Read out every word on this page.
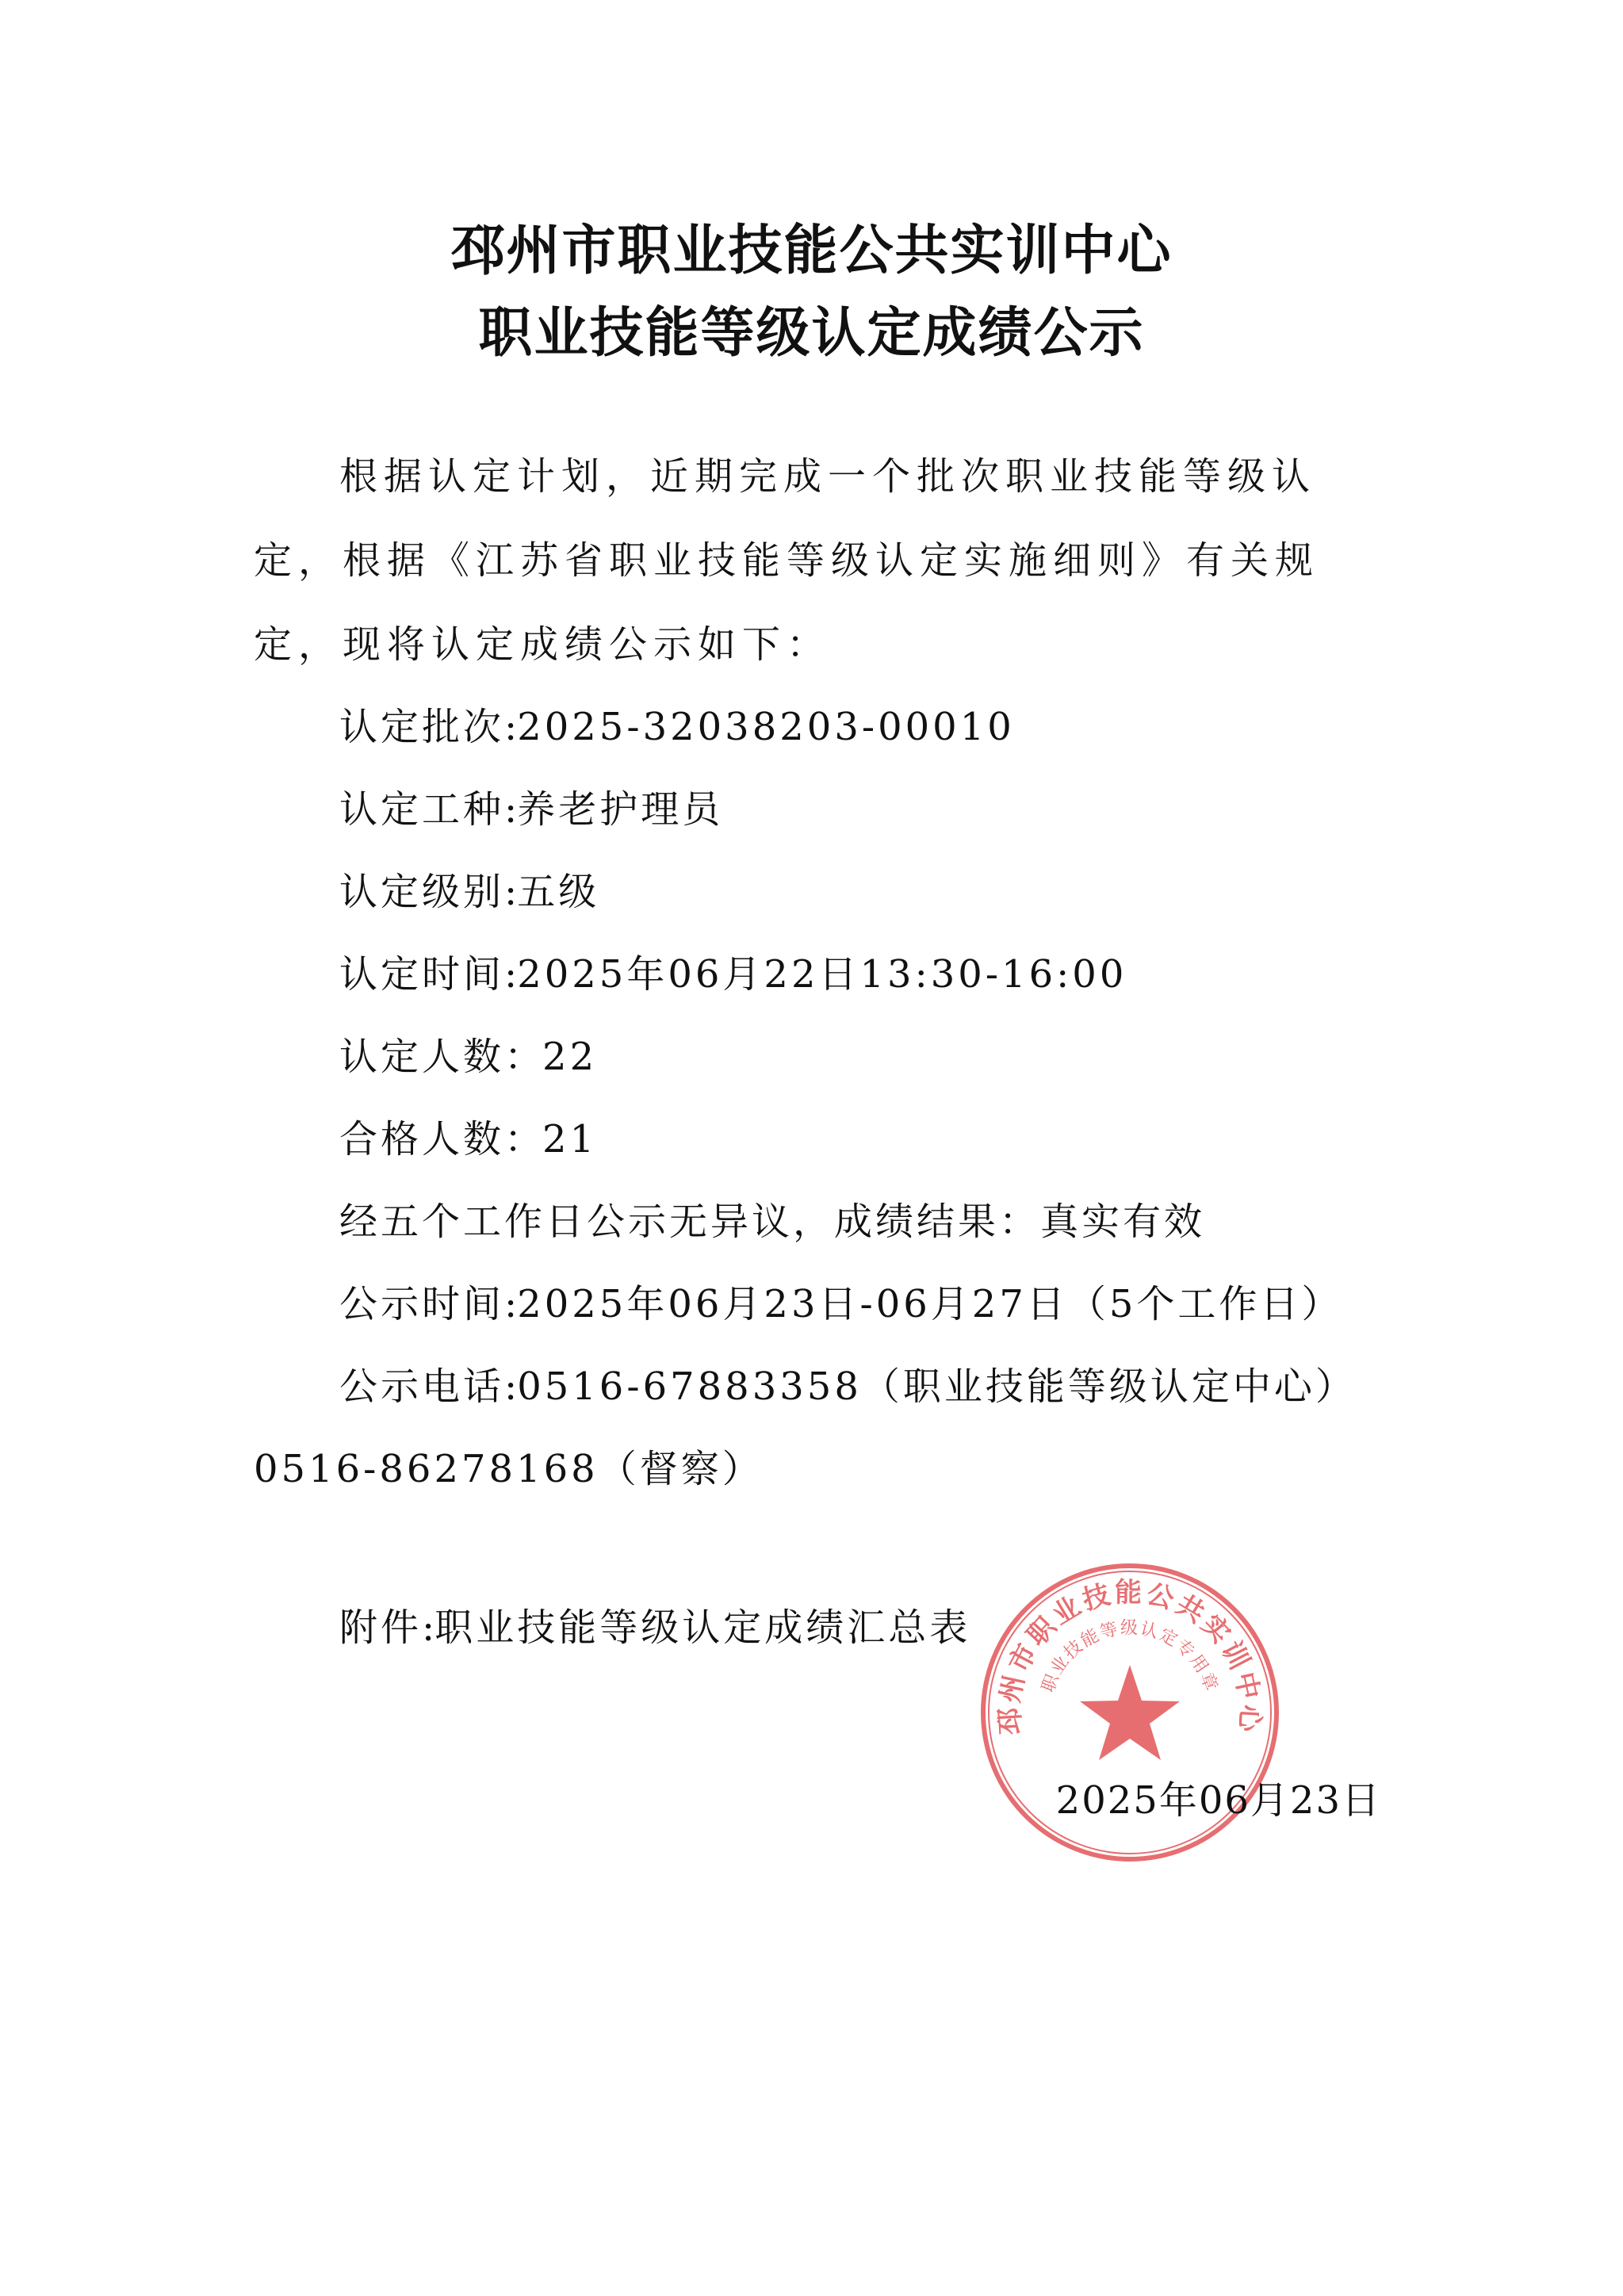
邳州市职业技能公共实训中心
职业技能等级认定成绩公示
根据认定计划，近期完成一个批次职业技能等级认定，根据《江苏省职业技能等级认定实施细则》有关规定，现将认定成绩公示如下：
认定批次:2025-32038203-00010
认定工种:养老护理员
认定级别:五级
认定时间:2025年06月22日13:30-16:00
认定人数：22
合格人数：21
经五个工作日公示无异议，成绩结果：真实有效
公示时间:2025年06月23日-06月27日（5个工作日）
公示电话:0516-67883358（职业技能等级认定中心）
0516-86278168（督察）
附件:职业技能等级认定成绩汇总表
邳州市职业技能公共实训中心
职业技能等级认定专用章
2025年06月23日
